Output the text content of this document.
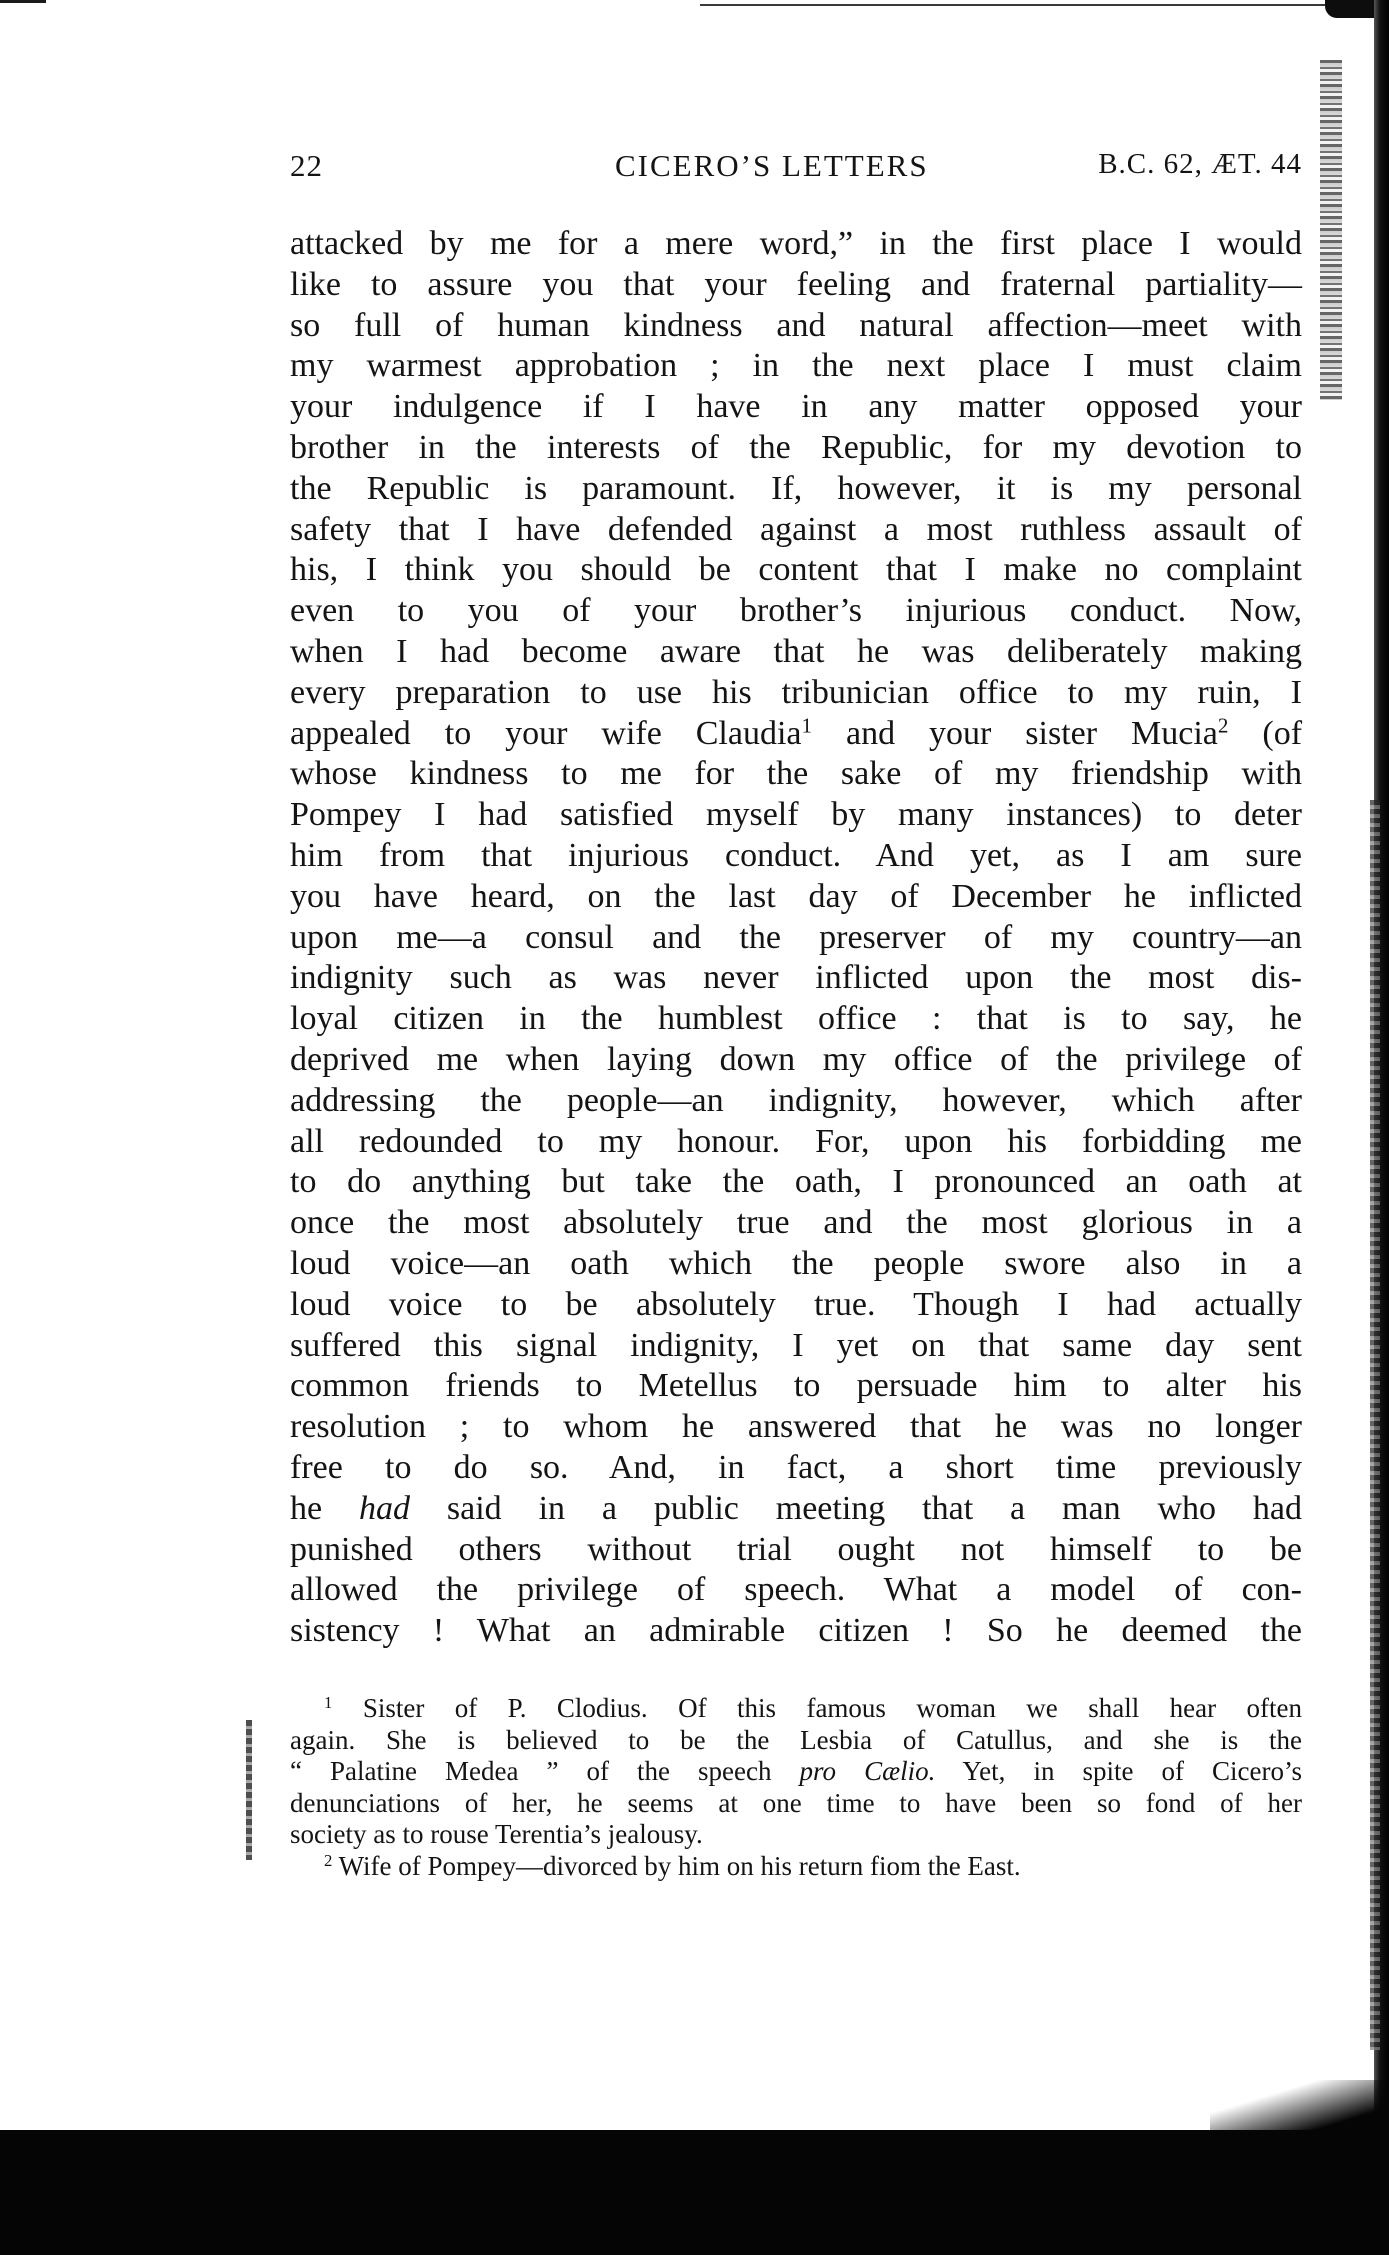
22	CICERO’S LETTERS	B.C. 62, ÆT. 44
attacked by me for a mere word,” in the first place I would
like to assure you that your feeling and fraternal partiality—
so full of human kindness and natural affection—meet with
my warmest approbation ; in the next place I must claim
your indulgence if I have in any matter opposed your
brother in the interests of the Republic, for my devotion to
the Republic is paramount. If, however, it is my personal
safety that I have defended against a most ruthless assault of
his, I think you should be content that I make no complaint
even to you of your brother’s injurious conduct. Now,
when I had become aware that he was deliberately making
every preparation to use his tribunician office to my ruin, I
appealed to your wife Claudia$^1$ and your sister Mucia$^2$ (of
whose kindness to me for the sake of my friendship with
Pompey I had satisfied myself by many instances) to deter
him from that injurious conduct. And yet, as I am sure
you have heard, on the last day of December he inflicted
upon me—a consul and the preserver of my country—an
indignity such as was never inflicted upon the most dis-
loyal citizen in the humblest office : that is to say, he
deprived me when laying down my office of the privilege of
addressing the people—an indignity, however, which after
all redounded to my honour. For, upon his forbidding me
to do anything but take the oath, I pronounced an oath at
once the most absolutely true and the most glorious in a
loud voice—an oath which the people swore also in a
loud voice to be absolutely true. Though I had actually
suffered this signal indignity, I yet on that same day sent
common friends to Metellus to persuade him to alter his
resolution ; to whom he answered that he was no longer
free to do so. And, in fact, a short time previously
he had said in a public meeting that a man who had
punished others without trial ought not himself to be
allowed the privilege of speech. What a model of con-
sistency ! What an admirable citizen ! So he deemed the
$^1$ Sister of P. Clodius. Of this famous woman we shall hear often
again. She is believed to be the Lesbia of Catullus, and she is the
“ Palatine Medea ” of the speech pro Cælio. Yet, in spite of Cicero’s
denunciations of her, he seems at one time to have been so fond of her
society as to rouse Terentia’s jealousy.
$^2$ Wife of Pompey—divorced by him on his return fiom the East.
